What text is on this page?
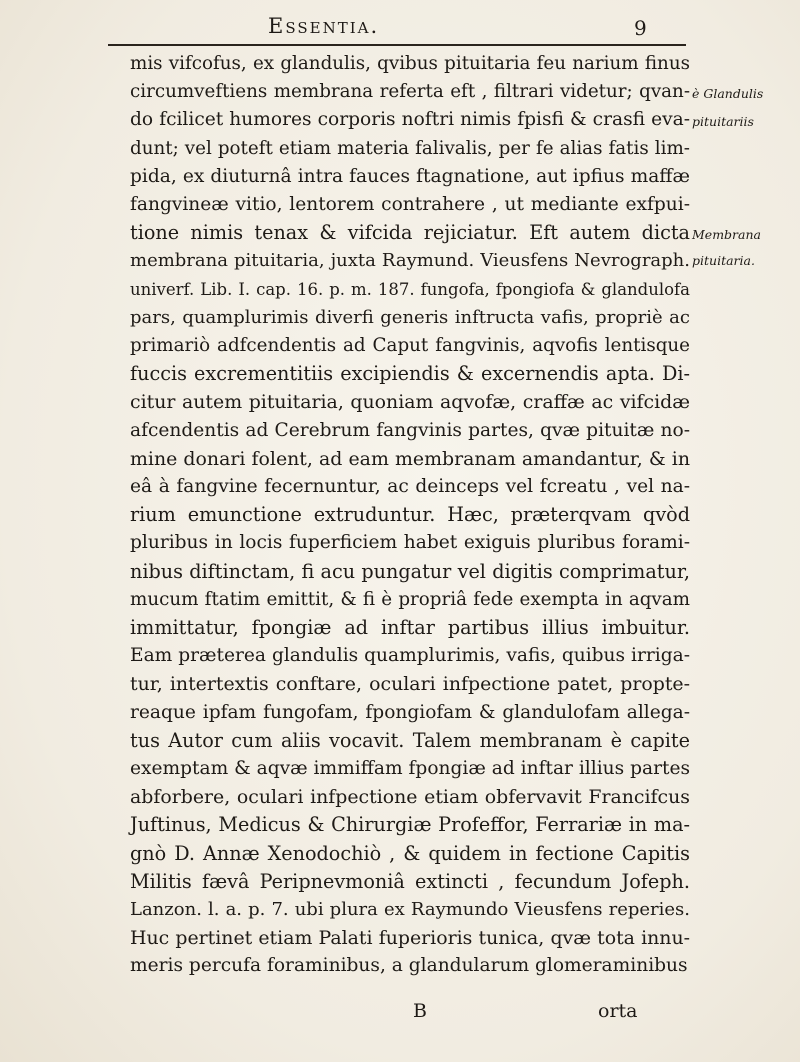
Essentia.	9
mis vifcofus, ex glandulis, qvibus pituitaria feu narium finus
circumveftiens membrana referta eft , filtrari videtur; qvan-
do fcilicet humores corporis noftri nimis fpisfi & crasfi eva-
dunt; vel poteft etiam materia falivalis, per fe alias fatis lim-
pida, ex diuturnâ intra fauces ftagnatione, aut ipfius maffæ
fangvineæ vitio, lentorem contrahere , ut mediante exfpui-
tione nimis tenax & vifcida rejiciatur. Eft autem dicta
membrana pituitaria, juxta Raymund. Vieusfens Nevrograph.
univerf. Lib. I. cap. 16. p. m. 187. fungofa, fpongiofa & glandulofa
pars, quamplurimis diverfi generis inftructa vafis, propriè ac
primariò adfcendentis ad Caput fangvinis, aqvofis lentisque
fuccis excrementitiis excipiendis & excernendis apta. Di-
citur autem pituitaria, quoniam aqvofæ, craffæ ac vifcidæ
afcendentis ad Cerebrum fangvinis partes, qvæ pituitæ no-
mine donari folent, ad eam membranam amandantur, & in
eâ à fangvine fecernuntur, ac deinceps vel fcreatu , vel na-
rium emunctione extruduntur. Hæc, præterqvam qvòd
pluribus in locis fuperficiem habet exiguis pluribus forami-
nibus diftinctam, fi acu pungatur vel digitis comprimatur,
mucum ftatim emittit, & fi è propriâ fede exempta in aqvam
immittatur, fpongiæ ad inftar partibus illius imbuitur.
Eam præterea glandulis quamplurimis, vafis, quibus irriga-
tur, intertextis conftare, oculari infpectione patet, propte-
reaque ipfam fungofam, fpongiofam & glandulofam allega-
tus Autor cum aliis vocavit. Talem membranam è capite
exemptam & aqvæ immiffam fpongiæ ad inftar illius partes
abforbere, oculari infpectione etiam obfervavit Francifcus
Juftinus, Medicus & Chirurgiæ Profeffor, Ferrariæ in ma-
gnò D. Annæ Xenodochiò , & quidem in fectione Capitis
Militis fævâ Peripnevmoniâ extincti , fecundum Jofeph.
Lanzon. l. a. p. 7. ubi plura ex Raymundo Vieusfens reperies.
Huc pertinet etiam Palati fuperioris tunica, qvæ tota innu-
meris percufa foraminibus, a glandularum glomeraminibus
è Glandulis
pituitariis
Membrana
pituitaria.
B	orta
